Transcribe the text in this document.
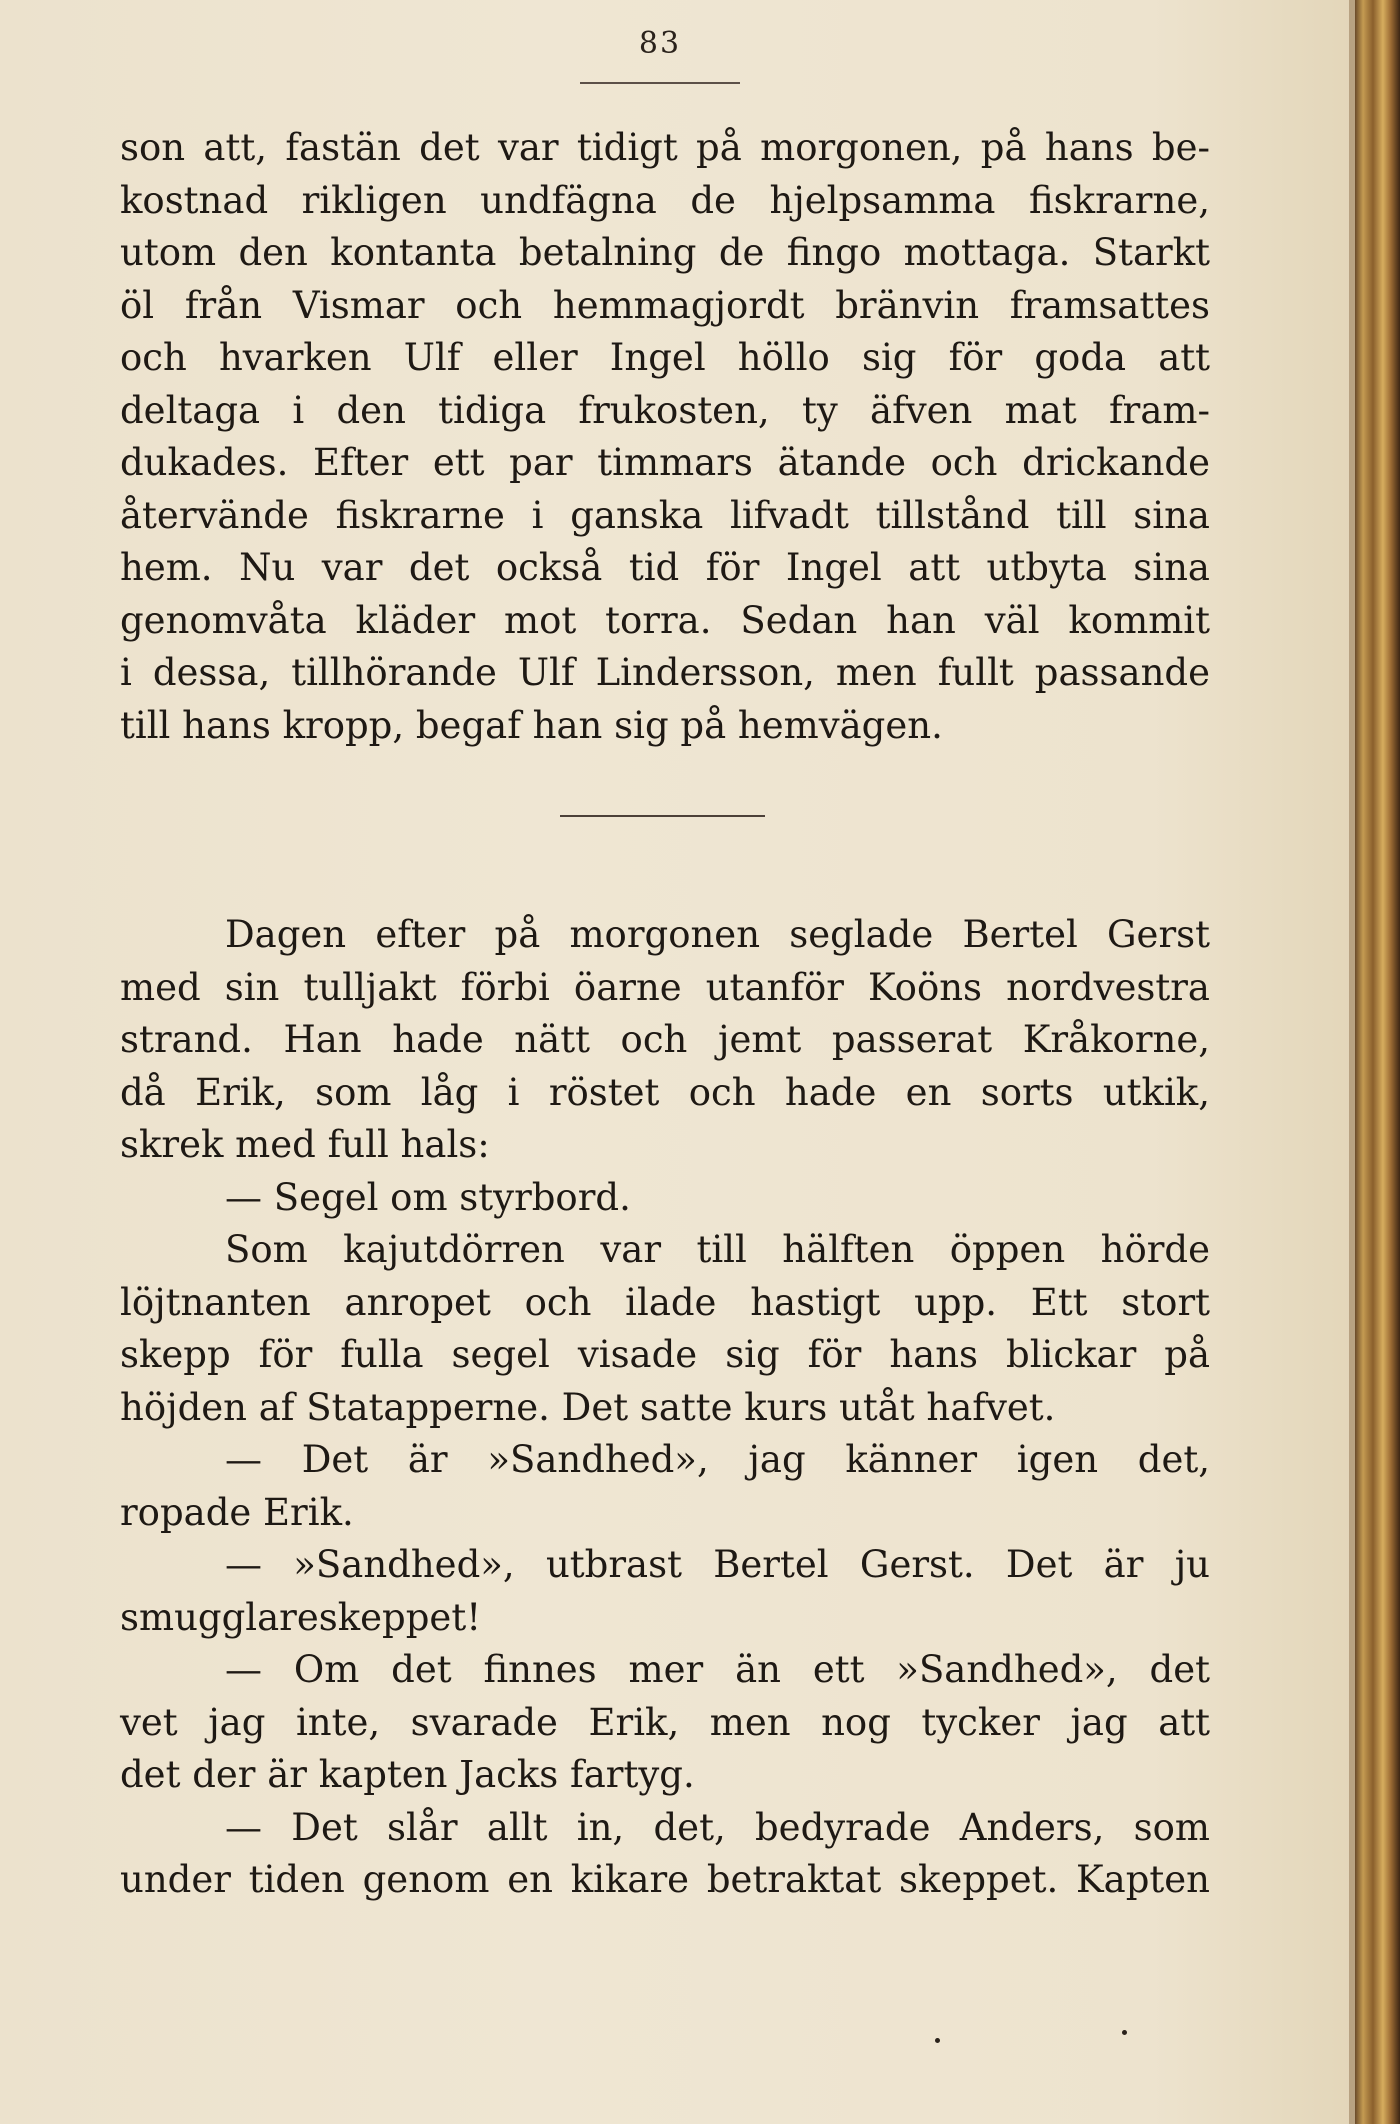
83
son att, fastän det var tidigt på morgonen, på hans be-
kostnad rikligen undfägna de hjelpsamma fiskrarne,
utom den kontanta betalning de fingo mottaga. Starkt
öl från Vismar och hemmagjordt bränvin framsattes
och hvarken Ulf eller Ingel höllo sig för goda att
deltaga i den tidiga frukosten, ty äfven mat fram-
dukades. Efter ett par timmars ätande och drickande
återvände fiskrarne i ganska lifvadt tillstånd till sina
hem. Nu var det också tid för Ingel att utbyta sina
genomvåta kläder mot torra. Sedan han väl kommit
i dessa, tillhörande Ulf Lindersson, men fullt passande
till hans kropp, begaf han sig på hemvägen.
Dagen efter på morgonen seglade Bertel Gerst
med sin tulljakt förbi öarne utanför Koöns nordvestra
strand. Han hade nätt och jemt passerat Kråkorne,
då Erik, som låg i röstet och hade en sorts utkik,
skrek med full hals:
— Segel om styrbord.
Som kajutdörren var till hälften öppen hörde
löjtnanten anropet och ilade hastigt upp. Ett stort
skepp för fulla segel visade sig för hans blickar på
höjden af Statapperne. Det satte kurs utåt hafvet.
— Det är »Sandhed», jag känner igen det,
ropade Erik.
— »Sandhed», utbrast Bertel Gerst. Det är ju
smugglareskeppet!
— Om det finnes mer än ett »Sandhed», det
vet jag inte, svarade Erik, men nog tycker jag att
det der är kapten Jacks fartyg.
— Det slår allt in, det, bedyrade Anders, som
under tiden genom en kikare betraktat skeppet. Kapten
